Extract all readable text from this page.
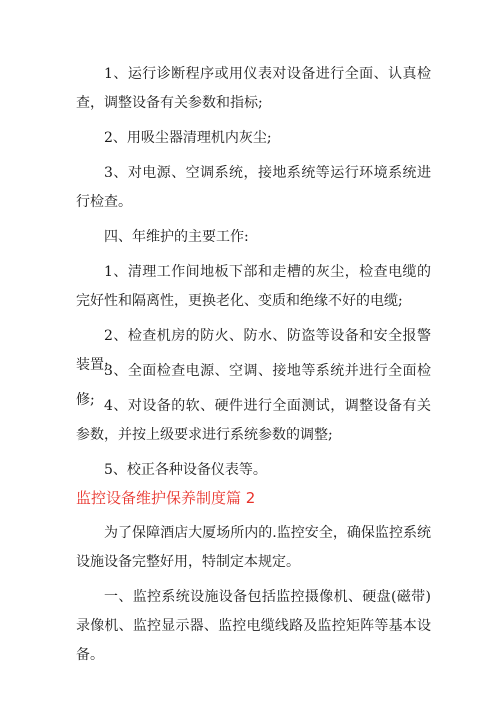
1、运行诊断程序或用仪表对设备进行全面、认真检查，调整设备有关参数和指标;

2、用吸尘器清理机内灰尘;

3、对电源、空调系统，接地系统等运行环境系统进行检查。

四、年维护的主要工作:

1、清理工作间地板下部和走槽的灰尘，检查电缆的完好性和隔离性，更换老化、变质和绝缘不好的电缆;

2、检查机房的防火、防水、防盗等设备和安全报警装置;

3、全面检查电源、空调、接地等系统并进行全面检修; 4、对设备的软、硬件进行全面测试，调整设备有关参数，并按上级要求进行系统参数的调整;

5、校正各种设备仪表等。

监控设备维护保养制度篇 2

为了保障酒店大厦场所内的.监控安全，确保监控系统设施设备完整好用，特制定本规定。

一、监控系统设施设备包括监控摄像机、硬盘(磁带)录像机、监控显示器、监控电缆线路及监控矩阵等基本设备。
